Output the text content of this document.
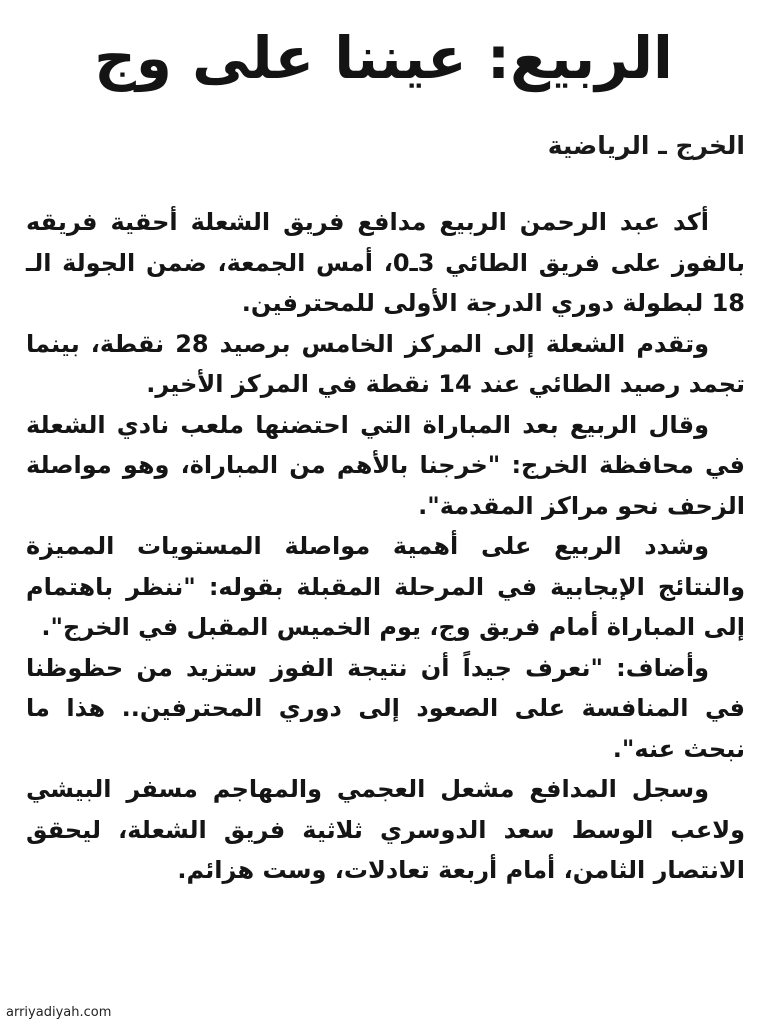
الربيع: عيننا على وج
الخرج ـ الرياضية

أكد عبد الرحمن الربيع مدافع فريق الشعلة أحقية فريقه بالفوز على فريق الطائي 3ـ0، أمس الجمعة، ضمن الجولة الـ 18 لبطولة دوري الدرجة الأولى للمحترفين.

وتقدم الشعلة إلى المركز الخامس برصيد 28 نقطة، بينما تجمد رصيد الطائي عند 14 نقطة في المركز الأخير.

وقال الربيع بعد المباراة التي احتضنها ملعب نادي الشعلة في محافظة الخرج: "خرجنا بالأهم من المباراة، وهو مواصلة الزحف نحو مراكز المقدمة".

وشدد الربيع على أهمية مواصلة المستويات المميزة والنتائج الإيجابية في المرحلة المقبلة بقوله: "ننظر باهتمام إلى المباراة أمام فريق وج، يوم الخميس المقبل في الخرج".

وأضاف: "نعرف جيداً أن نتيجة الفوز ستزيد من حظوظنا في المنافسة على الصعود إلى دوري المحترفين.. هذا ما نبحث عنه".

وسجل المدافع مشعل العجمي والمهاجم مسفر البيشي ولاعب الوسط سعد الدوسري ثلاثية فريق الشعلة، ليحقق الانتصار الثامن، أمام أربعة تعادلات، وست هزائم.

arriyadiyah.com
